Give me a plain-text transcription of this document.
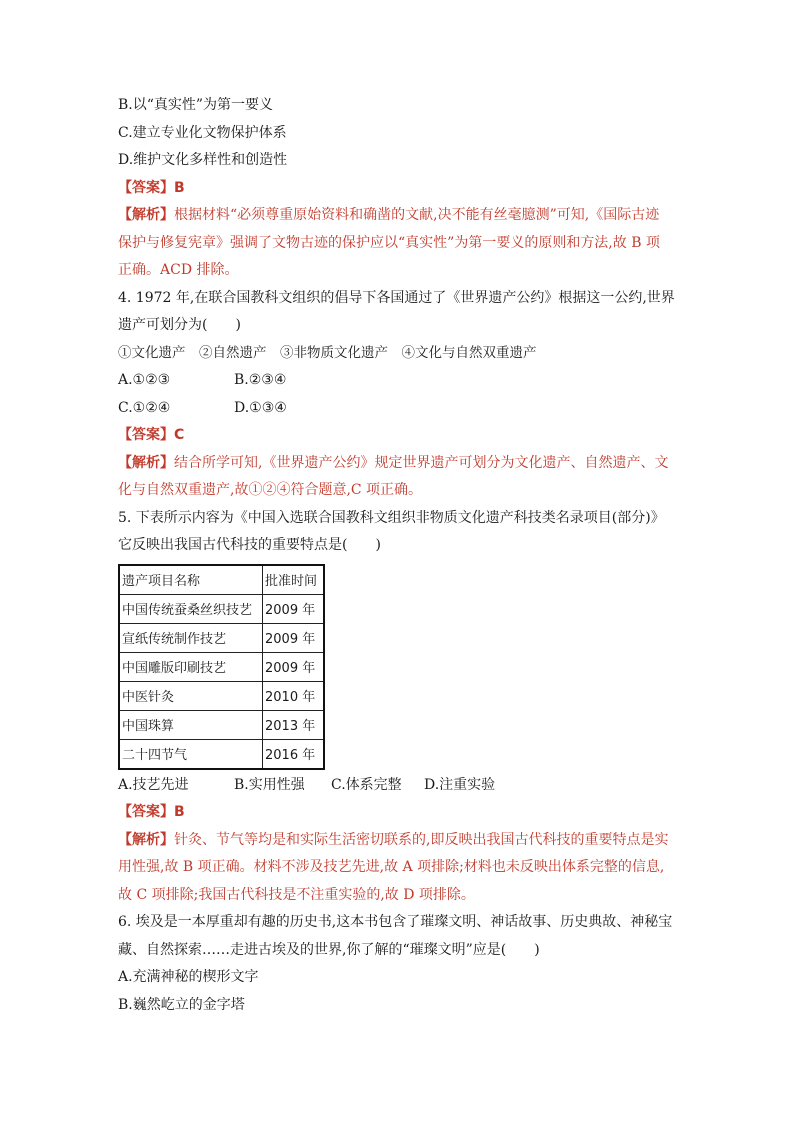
B.以“真实性”为第一要义
C.建立专业化文物保护体系
D.维护文化多样性和创造性
【答案】B
【解析】根据材料“必须尊重原始资料和确凿的文献,决不能有丝毫臆测”可知,《国际古迹
保护与修复宪章》强调了文物古迹的保护应以“真实性”为第一要义的原则和方法,故 B 项
正确。ACD 排除。
4. 1972 年,在联合国教科文组织的倡导下各国通过了《世界遗产公约》根据这一公约,世界
遗产可划分为(　　)
①文化遗产　②自然遗产　③非物质文化遗产　④文化与自然双重遗产
A.①②③	B.②③④
C.①②④	D.①③④
【答案】C
【解析】结合所学可知,《世界遗产公约》规定世界遗产可划分为文化遗产、自然遗产、文
化与自然双重遗产,故①②④符合题意,C 项正确。
5. 下表所示内容为《中国入选联合国教科文组织非物质文化遗产科技类名录项目(部分)》
它反映出我国古代科技的重要特点是(　　)
遗产项目名称	批准时间
中国传统蚕桑丝织技艺	2009 年
宣纸传统制作技艺	2009 年
中国雕版印刷技艺	2009 年
中医针灸	2010 年
中国珠算	2013 年
二十四节气	2016 年
A.技艺先进	B.实用性强	C.体系完整	D.注重实验
【答案】B
【解析】针灸、节气等均是和实际生活密切联系的,即反映出我国古代科技的重要特点是实
用性强,故 B 项正确。材料不涉及技艺先进,故 A 项排除;材料也未反映出体系完整的信息,
故 C 项排除;我国古代科技是不注重实验的,故 D 项排除。
6. 埃及是一本厚重却有趣的历史书,这本书包含了璀璨文明、神话故事、历史典故、神秘宝
藏、自然探索……走进古埃及的世界,你了解的“璀璨文明”应是(　　)
A.充满神秘的楔形文字
B.巍然屹立的金字塔
